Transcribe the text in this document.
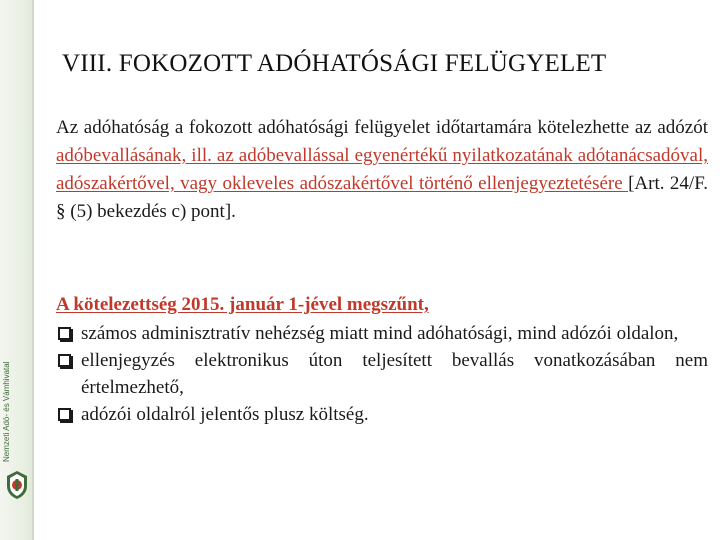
Nemzeti Adó- és Vámhivatal
VIII. FOKOZOTT ADÓHATÓSÁGI FELÜGYELET
Az adóhatóság a fokozott adóhatósági felügyelet időtartamára kötelezhette az adózót adóbevallásának, ill. az adóbevallással egyenértékű nyilatkozatának adótanácsadóval, adószakértővel, vagy okleveles adószakértővel történő ellenjegyeztetésére [Art. 24/F. § (5) bekezdés c) pont].
A kötelezettség 2015. január 1-jével megszűnt,
számos adminisztratív nehézség miatt mind adóhatósági, mind adózói oldalon,
ellenjegyzés elektronikus úton teljesített bevallás vonatkozásában nem értelmezhető,
adózói oldalról jelentős plusz költség.
